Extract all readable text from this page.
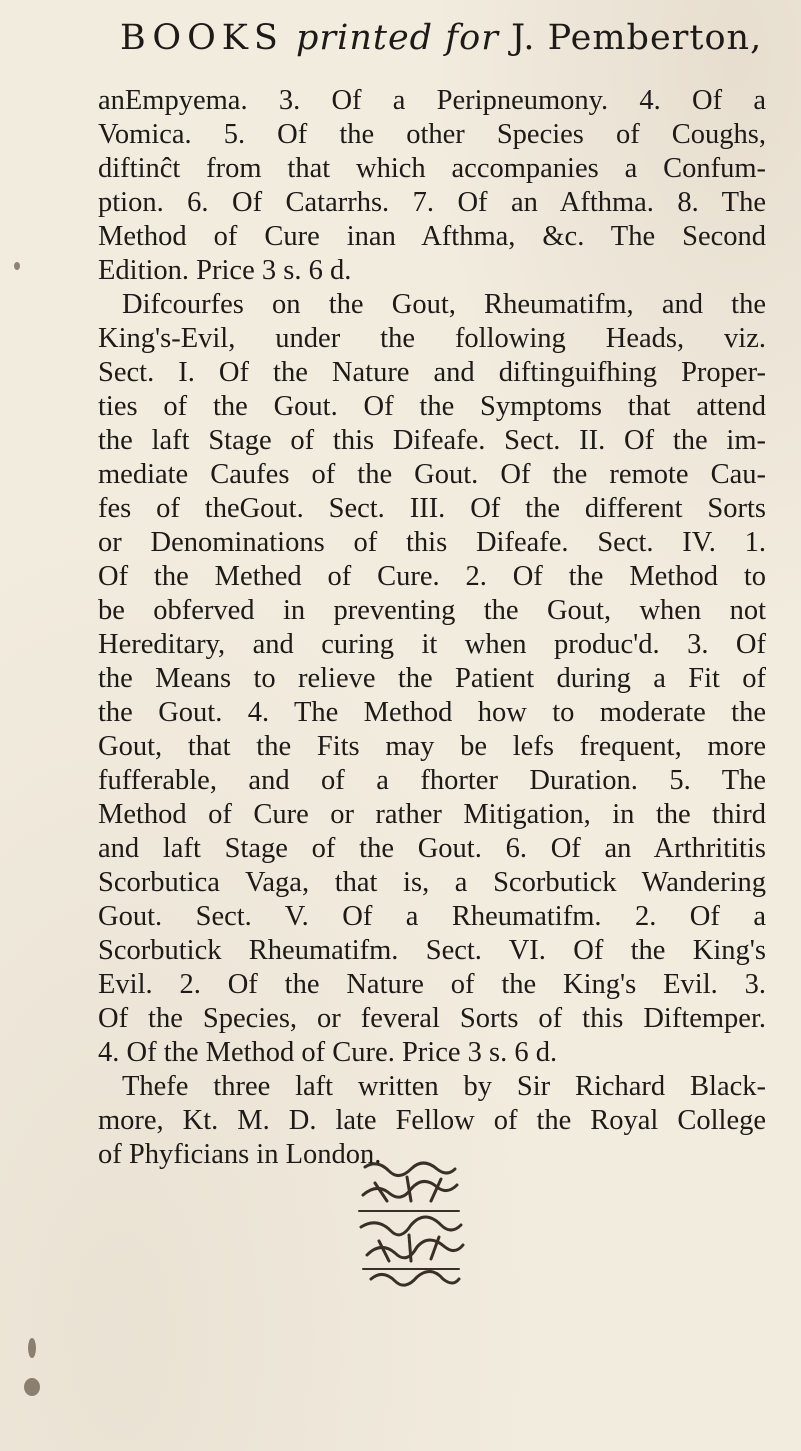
BOOKS printed for J. Pemberton,
anEmpyema. 3. Of a Peripneumony. 4. Of a
Vomica. 5. Of the other Species of Coughs,
diftinĉt from that which accompanies a Confum-
ption. 6. Of Catarrhs. 7. Of an Afthma. 8. The
Method of Cure inan Afthma, &c. The Second
Edition. Price 3 s. 6 d.
Difcourfes on the Gout, Rheumatifm, and the
King's-Evil, under the following Heads, viz.
Sect. I. Of the Nature and diftinguifhing Proper-
ties of the Gout. Of the Symptoms that attend
the laft Stage of this Difeafe. Sect. II. Of the im-
mediate Caufes of the Gout. Of the remote Cau-
fes of theGout. Sect. III. Of the different Sorts
or Denominations of this Difeafe. Sect. IV. 1.
Of the Methed of Cure. 2. Of the Method to
be obferved in preventing the Gout, when not
Hereditary, and curing it when produc'd. 3. Of
the Means to relieve the Patient during a Fit of
the Gout. 4. The Method how to moderate the
Gout, that the Fits may be lefs frequent, more
fufferable, and of a fhorter Duration. 5. The
Method of Cure or rather Mitigation, in the third
and laft Stage of the Gout. 6. Of an Arthrititis
Scorbutica Vaga, that is, a Scorbutick Wandering
Gout. Sect. V. Of a Rheumatifm. 2. Of a
Scorbutick Rheumatifm. Sect. VI. Of the King's
Evil. 2. Of the Nature of the King's Evil. 3.
Of the Species, or feveral Sorts of this Diftemper.
4. Of the Method of Cure. Price 3 s. 6 d.
Thefe three laft written by Sir Richard Black-
more, Kt. M. D. late Fellow of the Royal College
of Phyficians in London.
